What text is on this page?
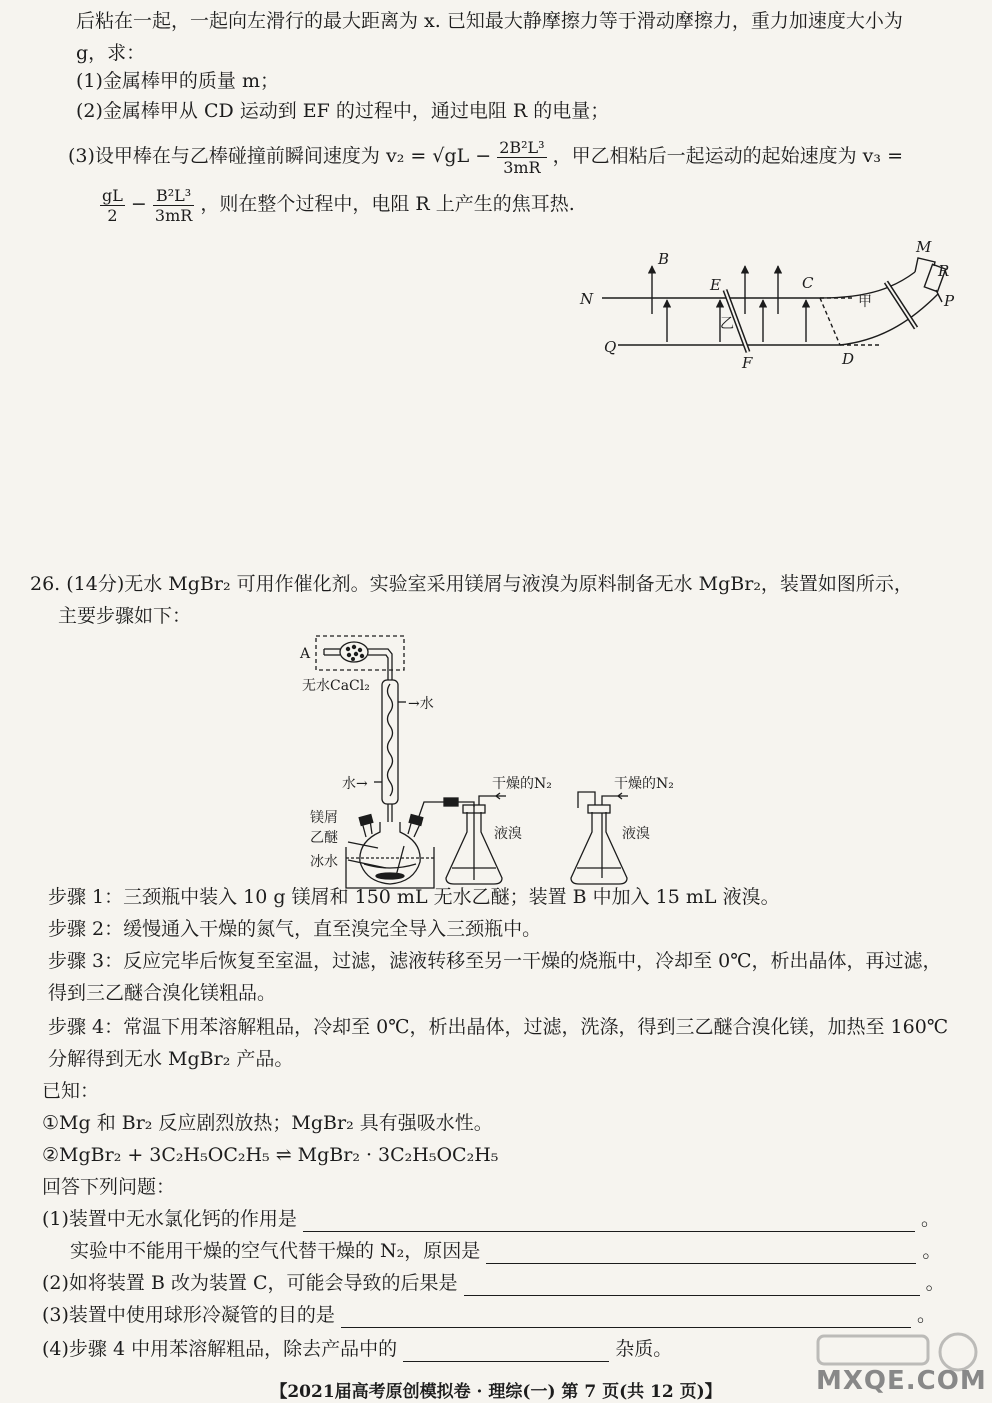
后粘在一起，一起向左滑行的最大距离为 x. 已知最大静摩擦力等于滑动摩擦力，重力加速度大小为
g，求：
(1)金属棒甲的质量 m；
(2)金属棒甲从 CD 运动到 EF 的过程中，通过电阻 R 的电量；
(3)设甲棒在与乙棒碰撞前瞬间速度为 $v_2 = √gL - \frac{\text{2B²L³}}{3mR}$ ，甲乙相粘后一起运动的起始速度为 v₃ =
$\frac{gL}{2} - \frac{\text{B²L³}}{3mR}$ ，则在整个过程中，电阻 R 上产生的焦耳热.
B
E	C
M
R
P
N
Q
F	D
甲
乙
26. (14分)无水 MgBr₂ 可用作催化剂。实验室采用镁屑与液溴为原料制备无水 MgBr₂，装置如图所示，
主要步骤如下：
A
无水CaCl₂
→水
水→
镁屑
乙醚
冰水
干燥的N₂	干燥的N₂
液溴	液溴
步骤 1：三颈瓶中装入 10 g 镁屑和 150 mL 无水乙醚；装置 B 中加入 15 mL 液溴。
步骤 2：缓慢通入干燥的氮气，直至溴完全导入三颈瓶中。
步骤 3：反应完毕后恢复至室温，过滤，滤液转移至另一干燥的烧瓶中，冷却至 0℃，析出晶体，再过滤，
得到三乙醚合溴化镁粗品。
步骤 4：常温下用苯溶解粗品，冷却至 0℃，析出晶体，过滤，洗涤，得到三乙醚合溴化镁，加热至 160℃
分解得到无水 MgBr₂ 产品。
已知：
①Mg 和 Br₂ 反应剧烈放热；MgBr₂ 具有强吸水性。
②MgBr₂ + 3C₂H₅OC₂H₅ ⇌ MgBr₂ · 3C₂H₅OC₂H₅
回答下列问题：
(1)装置中无水氯化钙的作用是	。
实验中不能用干燥的空气代替干燥的 N₂，原因是	。
(2)如将装置 B 改为装置 C，可能会导致的后果是	。
(3)装置中使用球形冷凝管的目的是	。
(4)步骤 4 中用苯溶解粗品，除去产品中的	杂质。
MXQE.COM
【2021届高考原创模拟卷 · 理综(一) 第 7 页(共 12 页)】
